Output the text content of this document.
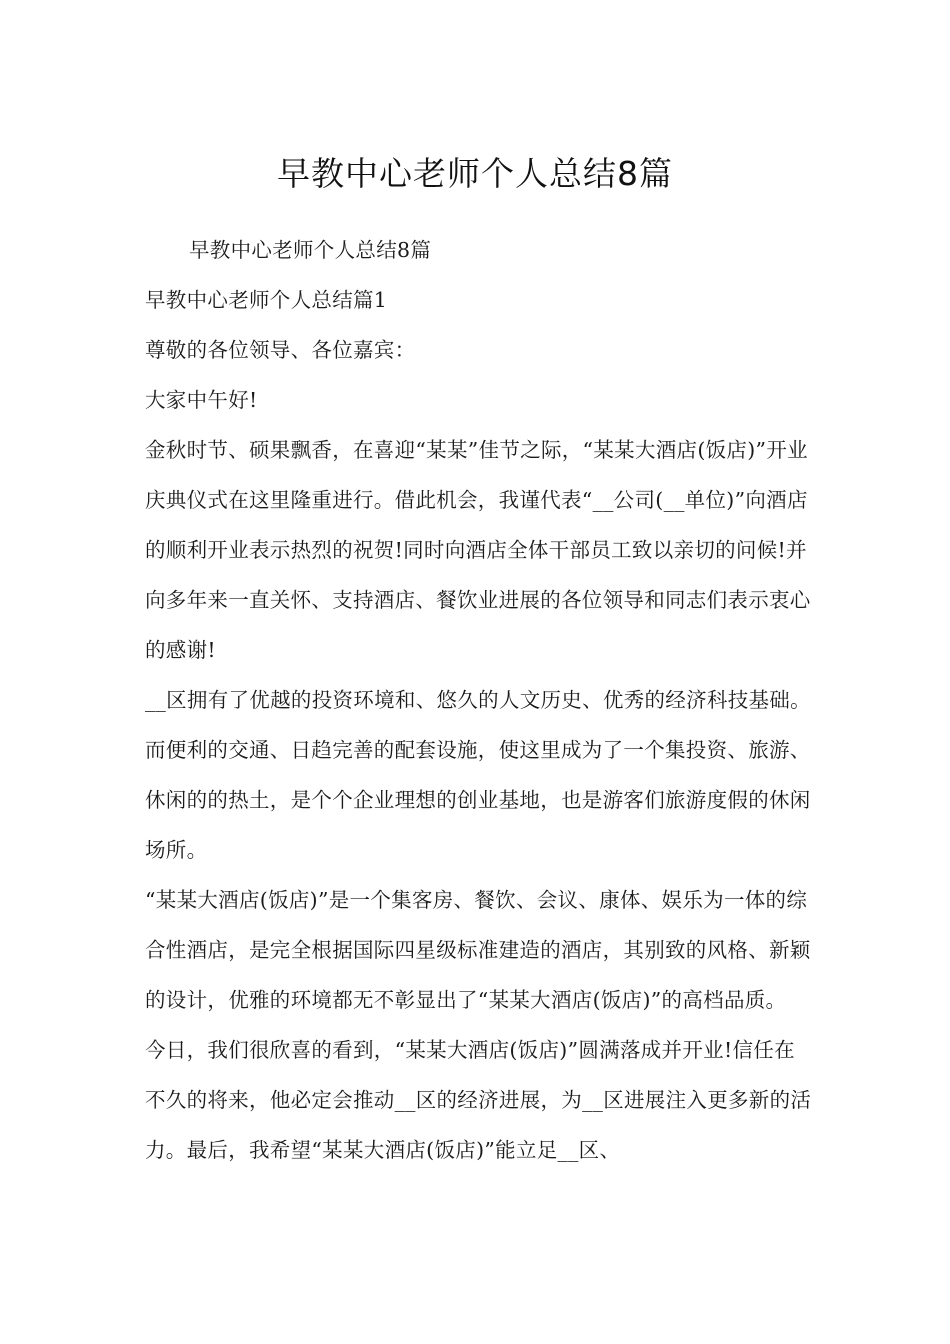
早教中心老师个人总结8篇

早教中心老师个人总结8篇

早教中心老师个人总结篇1

尊敬的各位领导、各位嘉宾：

大家中午好!

金秋时节、硕果飘香，在喜迎“某某”佳节之际，“某某大酒店(饭店)”开业庆典仪式在这里隆重进行。借此机会，我谨代表“__公司(__单位)”向酒店的顺利开业表示热烈的祝贺!同时向酒店全体干部员工致以亲切的问候!并向多年来一直关怀、支持酒店、餐饮业进展的各位领导和同志们表示衷心的感谢!

__区拥有了优越的投资环境和、悠久的人文历史、优秀的经济科技基础。而便利的交通、日趋完善的配套设施，使这里成为了一个集投资、旅游、休闲的的热土，是个个企业理想的创业基地，也是游客们旅游度假的休闲场所。

“某某大酒店(饭店)”是一个集客房、餐饮、会议、康体、娱乐为一体的综合性酒店，是完全根据国际四星级标准建造的酒店，其别致的风格、新颖的设计，优雅的环境都无不彰显出了“某某大酒店(饭店)”的高档品质。

今日，我们很欣喜的看到，“某某大酒店(饭店)”圆满落成并开业!信任在不久的将来，他必定会推动__区的经济进展，为__区进展注入更多新的活力。最后，我希望“某某大酒店(饭店)”能立足__区、
